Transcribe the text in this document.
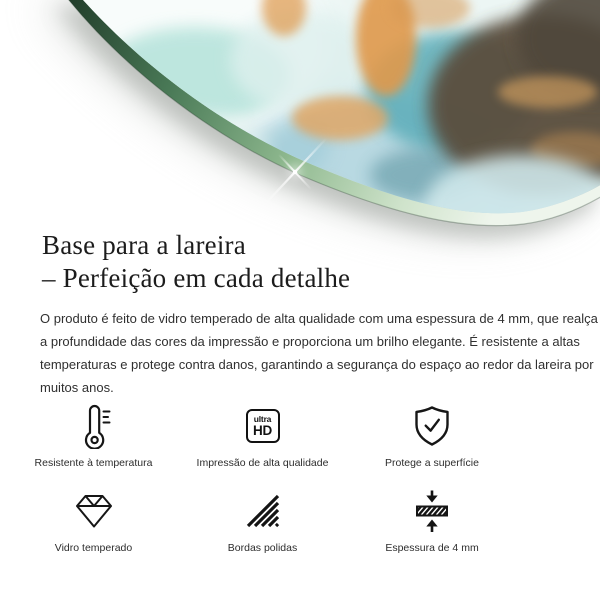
Base para a lareira
– Perfeição em cada detalhe
O produto é feito de vidro temperado de alta qualidade com uma espessura de 4 mm, que realça
a profundidade das cores da impressão e proporciona um brilho elegante. É resistente a altas
temperaturas e protege contra danos, garantindo a segurança do espaço ao redor da lareira por
muitos anos.
Resistente à temperatura
ultra
HD
Impressão de alta qualidade	Protege a superfície
Vidro temperado	Bordas polidas	Espessura de 4 mm
